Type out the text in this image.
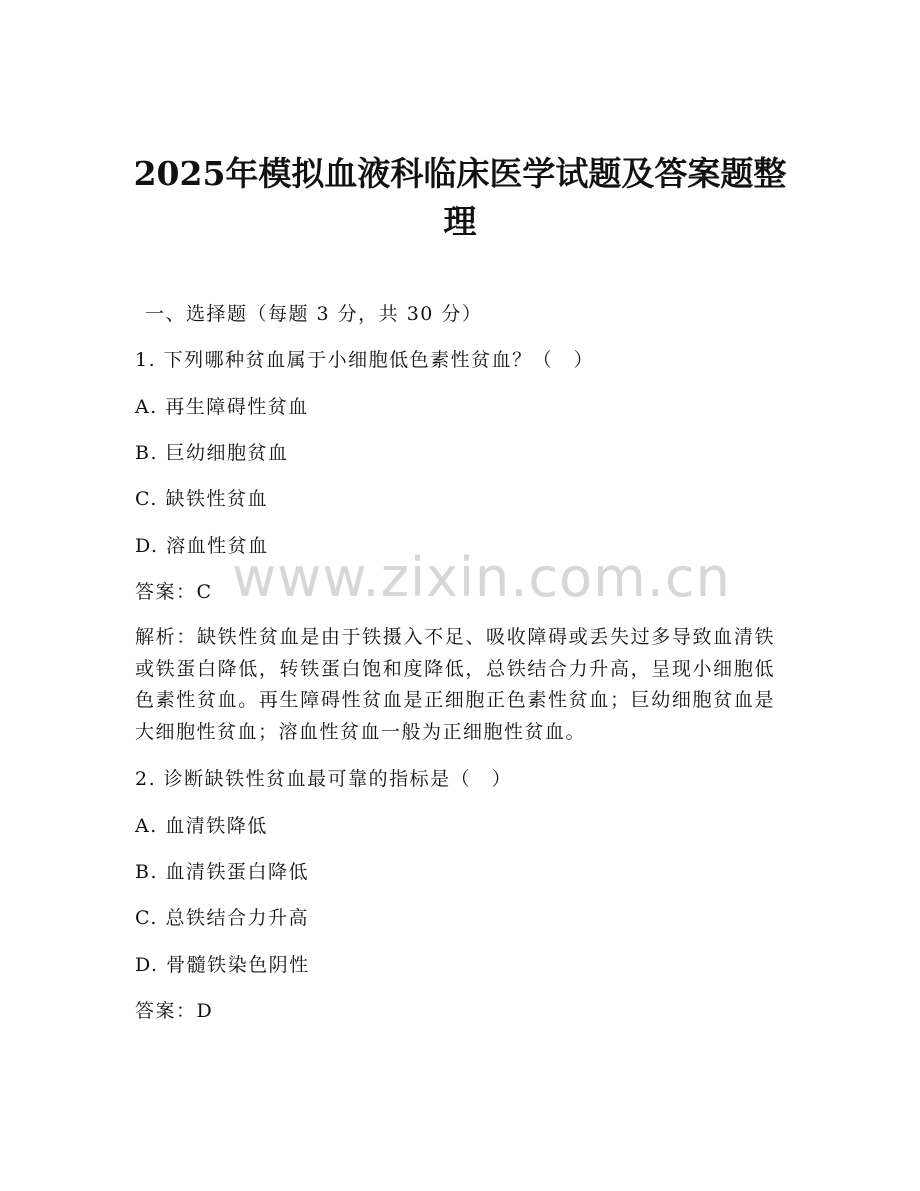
2025年模拟血液科临床医学试题及答案题整理
一、选择题（每题 3 分，共 30 分）
1. 下列哪种贫血属于小细胞低色素性贫血？（　）
A. 再生障碍性贫血
B. 巨幼细胞贫血
C. 缺铁性贫血
D. 溶血性贫血
答案：C
解析：缺铁性贫血是由于铁摄入不足、吸收障碍或丢失过多导致血清铁或铁蛋白降低，转铁蛋白饱和度降低，总铁结合力升高，呈现小细胞低色素性贫血。再生障碍性贫血是正细胞正色素性贫血；巨幼细胞贫血是大细胞性贫血；溶血性贫血一般为正细胞性贫血。
2. 诊断缺铁性贫血最可靠的指标是（　）
A. 血清铁降低
B. 血清铁蛋白降低
C. 总铁结合力升高
D. 骨髓铁染色阴性
答案：D
www.zixin.com.cn
